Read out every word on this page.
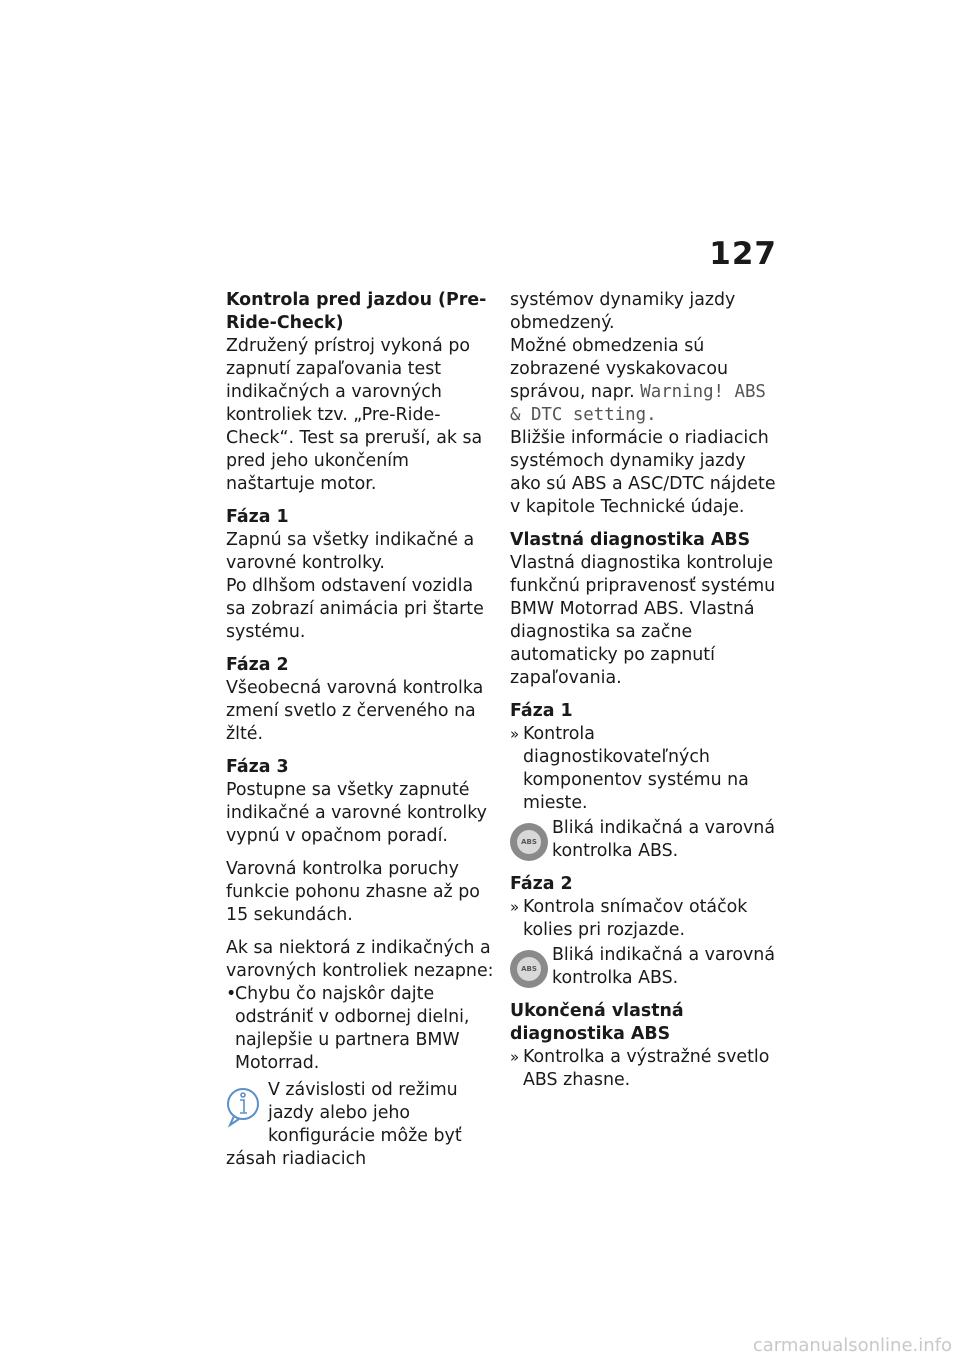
127
Kontrola pred jazdou (Pre-Ride-Check)
Združený prístroj vykoná po zapnutí zapaľovania test indikačných a varovných kontroliek tzv. „Pre-Ride-Check“. Test sa preruší, ak sa pred jeho ukončením naštartuje motor.
Fáza 1
Zapnú sa všetky indikačné a varovné kontrolky.
Po dlhšom odstavení vozidla sa zobrazí animácia pri štarte systému.
Fáza 2
Všeobecná varovná kontrolka zmení svetlo z červeného na žlté.
Fáza 3
Postupne sa všetky zapnuté indikačné a varovné kontrolky vypnú v opačnom poradí.
Varovná kontrolka poruchy funkcie pohonu zhasne až po 15 sekundách.
Ak sa niektorá z indikačných a varovných kontroliek nezapne:
•
Chybu čo najskôr dajte odstrániť v odbornej dielni, najlepšie u partnera BMW Motorrad.
V závislosti od režimu jazdy alebo jeho konfigurácie môže byť zásah riadiacich
systémov dynamiky jazdy obmedzený.
Možné obmedzenia sú zobrazené vyskakovacou správou, napr. Warning! ABS & DTC setting.
Bližšie informácie o riadiacich systémoch dynamiky jazdy ako sú ABS a ASC/DTC nájdete v kapitole Technické údaje.
Vlastná diagnostika ABS
Vlastná diagnostika kontroluje funkčnú pripravenosť systému BMW Motorrad ABS. Vlastná diagnostika sa začne automaticky po zapnutí zapaľovania.
Fáza 1
» Kontrola diagnostikovateľných komponentov systému na mieste.
ABS
Bliká indikačná a varovná kontrolka ABS.
Fáza 2
» Kontrola snímačov otáčok kolies pri rozjazde.
ABS
Bliká indikačná a varovná kontrolka ABS.
Ukončená vlastná diagnostika ABS
» Kontrolka a výstražné svetlo ABS zhasne.
carmanualsonline.info
